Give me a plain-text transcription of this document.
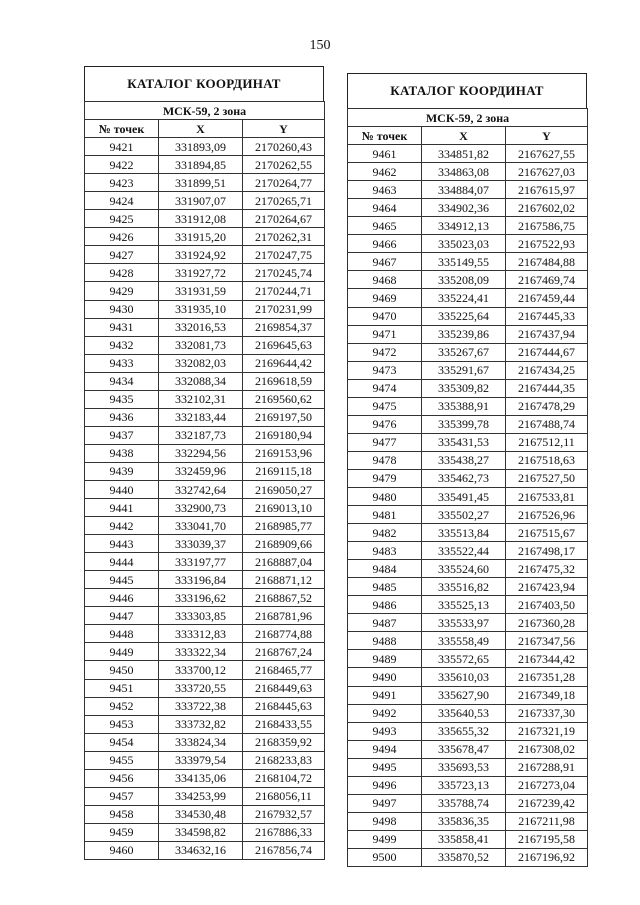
150
КАТАЛОГ КООРДИНАТ
МСК-59, 2 зона		
№ точек	X	Y
9421	331893,09	2170260,43
9422	331894,85	2170262,55
9423	331899,51	2170264,77
9424	331907,07	2170265,71
9425	331912,08	2170264,67
9426	331915,20	2170262,31
9427	331924,92	2170247,75
9428	331927,72	2170245,74
9429	331931,59	2170244,71
9430	331935,10	2170231,99
9431	332016,53	2169854,37
9432	332081,73	2169645,63
9433	332082,03	2169644,42
9434	332088,34	2169618,59
9435	332102,31	2169560,62
9436	332183,44	2169197,50
9437	332187,73	2169180,94
9438	332294,56	2169153,96
9439	332459,96	2169115,18
9440	332742,64	2169050,27
9441	332900,73	2169013,10
9442	333041,70	2168985,77
9443	333039,37	2168909,66
9444	333197,77	2168887,04
9445	333196,84	2168871,12
9446	333196,62	2168867,52
9447	333303,85	2168781,96
9448	333312,83	2168774,88
9449	333322,34	2168767,24
9450	333700,12	2168465,77
9451	333720,55	2168449,63
9452	333722,38	2168445,63
9453	333732,82	2168433,55
9454	333824,34	2168359,92
9455	333979,54	2168233,83
9456	334135,06	2168104,72
9457	334253,99	2168056,11
9458	334530,48	2167932,57
9459	334598,82	2167886,33
9460	334632,16	2167856,74
КАТАЛОГ КООРДИНАТ
МСК-59, 2 зона		
№ точек	X	Y
9461	334851,82	2167627,55
9462	334863,08	2167627,03
9463	334884,07	2167615,97
9464	334902,36	2167602,02
9465	334912,13	2167586,75
9466	335023,03	2167522,93
9467	335149,55	2167484,88
9468	335208,09	2167469,74
9469	335224,41	2167459,44
9470	335225,64	2167445,33
9471	335239,86	2167437,94
9472	335267,67	2167444,67
9473	335291,67	2167434,25
9474	335309,82	2167444,35
9475	335388,91	2167478,29
9476	335399,78	2167488,74
9477	335431,53	2167512,11
9478	335438,27	2167518,63
9479	335462,73	2167527,50
9480	335491,45	2167533,81
9481	335502,27	2167526,96
9482	335513,84	2167515,67
9483	335522,44	2167498,17
9484	335524,60	2167475,32
9485	335516,82	2167423,94
9486	335525,13	2167403,50
9487	335533,97	2167360,28
9488	335558,49	2167347,56
9489	335572,65	2167344,42
9490	335610,03	2167351,28
9491	335627,90	2167349,18
9492	335640,53	2167337,30
9493	335655,32	2167321,19
9494	335678,47	2167308,02
9495	335693,53	2167288,91
9496	335723,13	2167273,04
9497	335788,74	2167239,42
9498	335836,35	2167211,98
9499	335858,41	2167195,58
9500	335870,52	2167196,92
